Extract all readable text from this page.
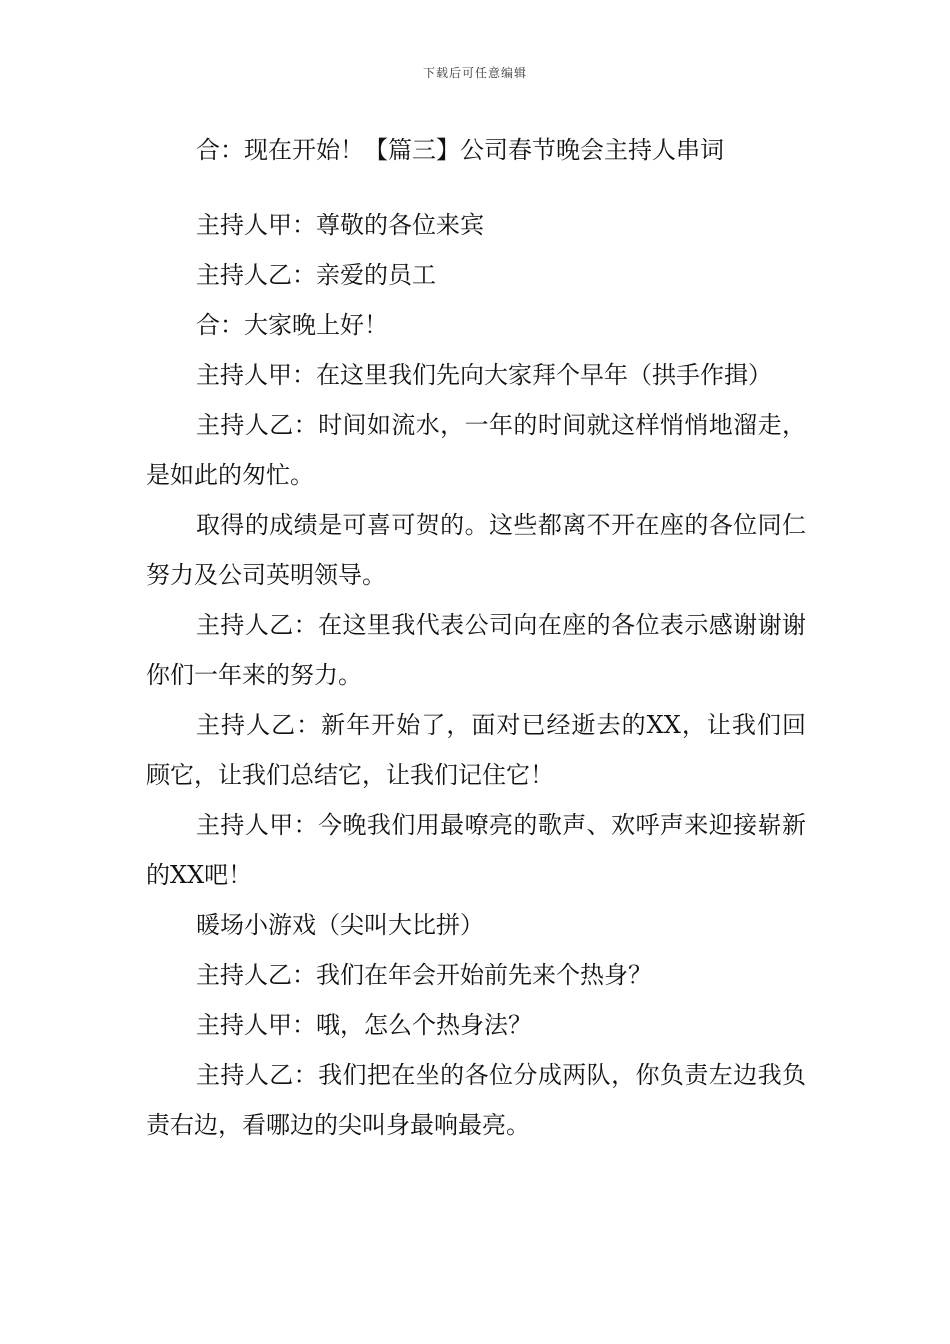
下载后可任意编辑

合：现在开始！【篇三】公司春节晚会主持人串词

主持人甲：尊敬的各位来宾

主持人乙：亲爱的员工

合：大家晚上好！

主持人甲：在这里我们先向大家拜个早年（拱手作揖）

主持人乙：时间如流水，一年的时间就这样悄悄地溜走，是如此的匆忙。

取得的成绩是可喜可贺的。这些都离不开在座的各位同仁努力及公司英明领导。

主持人乙：在这里我代表公司向在座的各位表示感谢谢谢你们一年来的努力。

主持人乙：新年开始了，面对已经逝去的XX，让我们回顾它，让我们总结它，让我们记住它！

主持人甲：今晚我们用最嘹亮的歌声、欢呼声来迎接崭新的XX吧！

暖场小游戏（尖叫大比拼）

主持人乙：我们在年会开始前先来个热身？

主持人甲：哦，怎么个热身法？

主持人乙：我们把在坐的各位分成两队，你负责左边我负责右边，看哪边的尖叫身最响最亮。
